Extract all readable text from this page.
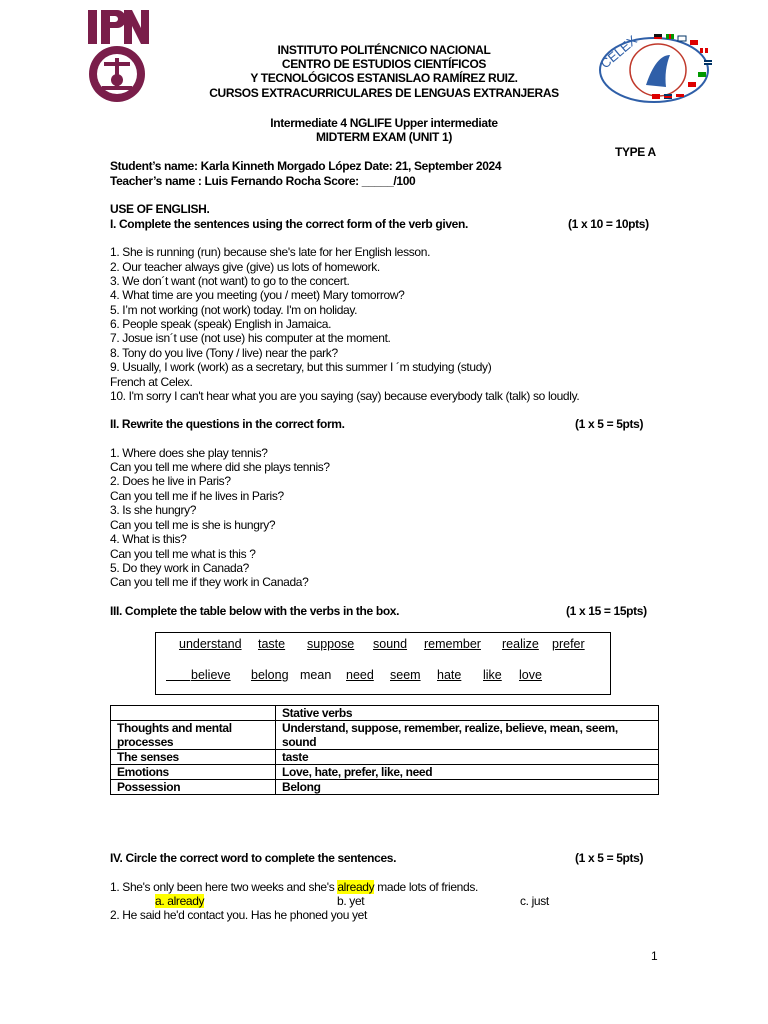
CELEX
INSTITUTO POLITÉNCNICO NACIONAL
CENTRO DE ESTUDIOS CIENTÍFICOS
Y TECNOLÓGICOS ESTANISLAO RAMÍREZ RUIZ.
CURSOS EXTRACURRICULARES DE LENGUAS EXTRANJERAS
Intermediate 4 NGLIFE Upper intermediate
MIDTERM EXAM (UNIT 1)
TYPE A
Student’s name: Karla Kinneth Morgado López Date: 21, September 2024
Teacher’s name : Luis Fernando Rocha Score: _____/100
USE OF ENGLISH.
I. Complete the sentences using the correct form of the verb given.	(1 x 10 = 10pts)
1. She is running (run) because she's late for her English lesson.
2. Our teacher always give (give) us lots of homework.
3. We don´t want (not want) to go to the concert.
4. What time are you meeting (you / meet) Mary tomorrow?
5. I’m not working (not work) today. I'm on holiday.
6. People speak (speak) English in Jamaica.
7. Josue isn´t use (not use) his computer at the moment.
8. Tony do you live (Tony / live) near the park?
9. Usually, I work (work) as a secretary, but this summer I ´m studying (study)
French at Celex.
10. I'm sorry I can't hear what you are you saying (say) because everybody talk (talk) so loudly.
II. Rewrite the questions in the correct form.	(1 x 5 = 5pts)
1. Where does she play tennis?
Can you tell me where did she plays tennis?
2. Does he live in Paris?
Can you tell me if he lives in Paris?
3. Is she hungry?
Can you tell me is she is hungry?
4. What is this?
Can you tell me what is this ?
5. Do they work in Canada?
Can you tell me if they work in Canada?
III. Complete the table below with the verbs in the box.	(1 x 15 = 15pts)
understand taste suppose sound remember realize prefer

believe belong mean need seem hate like love
	Stative verbs
Thoughts and mental processes	Understand, suppose, remember, realize, believe, mean, seem, sound
The senses	taste
Emotions	Love, hate, prefer, like, need
Possession	Belong
IV. Circle the correct word to complete the sentences.	(1 x 5 = 5pts)
1. She's only been here two weeks and she's already made lots of friends.
a. already	b. yet	c. just
2. He said he'd contact you. Has he phoned you yet
1
